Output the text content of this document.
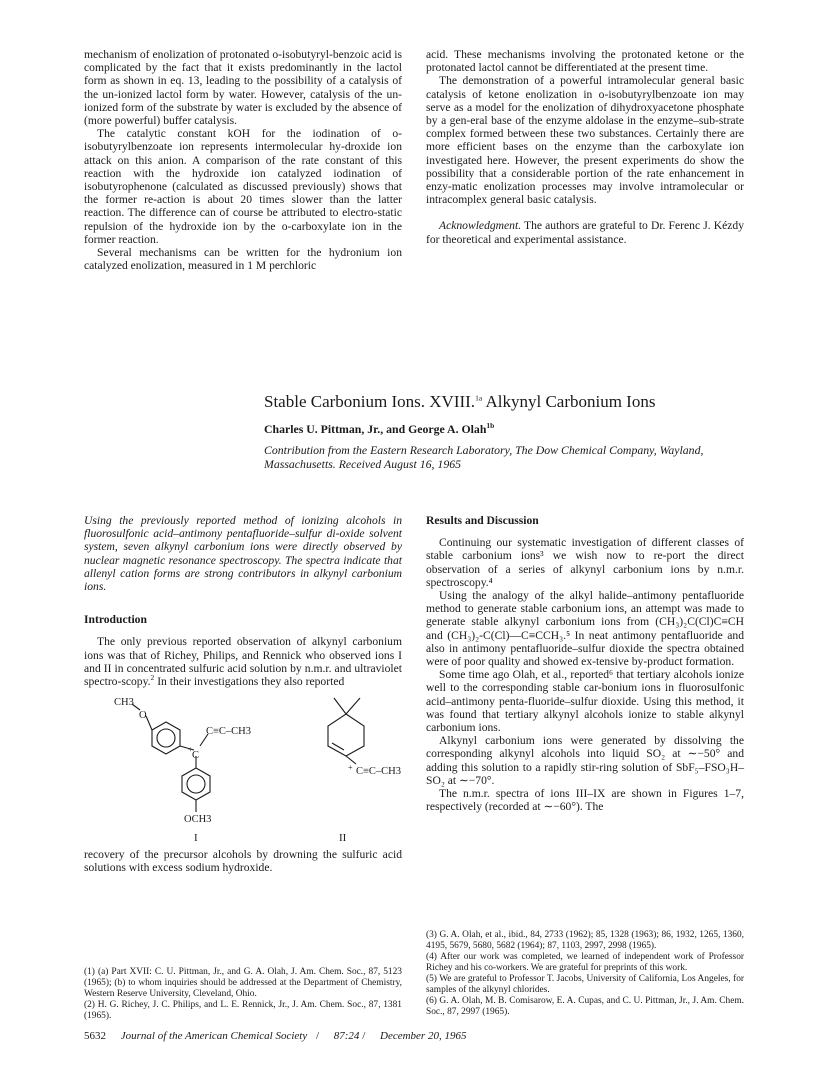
mechanism of enolization of protonated o-isobutyryl-benzoic acid is complicated by the fact that it exists predominantly in the lactol form as shown in eq. 13, leading to the possibility of a catalysis of the un-ionized lactol form by water. However, catalysis of the un-ionized form of the substrate by water is excluded by the absence of (more powerful) buffer catalysis.

The catalytic constant kOH for the iodination of o-isobutyrylbenzoate ion represents intermolecular hy-droxide ion attack on this anion. A comparison of the rate constant of this reaction with the hydroxide ion catalyzed iodination of isobutyrophenone (calculated as discussed previously) shows that the former re-action is about 20 times slower than the latter reaction. The difference can of course be attributed to electro-static repulsion of the hydroxide ion by the o-carboxylate ion in the former reaction.

Several mechanisms can be written for the hydronium ion catalyzed enolization, measured in 1 M perchloric

acid. These mechanisms involving the protonated ketone or the protonated lactol cannot be differentiated at the present time.

The demonstration of a powerful intramolecular general basic catalysis of ketone enolization in o-isobutyrylbenzoate ion may serve as a model for the enolization of dihydroxyacetone phosphate by a gen-eral base of the enzyme aldolase in the enzyme–sub-strate complex formed between these two substances. Certainly there are more efficient bases on the enzyme than the carboxylate ion investigated here. However, the present experiments do show the possibility that a considerable portion of the rate enhancement in enzy-matic enolization processes may involve intramolecular or intracomplex general basic catalysis.

Acknowledgment. The authors are grateful to Dr. Ferenc J. Kézdy for theoretical and experimental assistance.

Stable Carbonium Ions. XVIII.$^{1a}$ Alkynyl Carbonium Ions
Charles U. Pittman, Jr., and George A. Olah$^{1b}$
Contribution from the Eastern Research Laboratory, The Dow Chemical Company, Wayland, Massachusetts. Received August 16, 1965

Using the previously reported method of ionizing alcohols in fluorosulfonic acid–antimony pentafluoride–sulfur di-oxide solvent system, seven alkynyl carbonium ions were directly observed by nuclear magnetic resonance spectroscopy. The spectra indicate that allenyl cation forms are strong contributors in alkynyl carbonium ions.

Introduction

The only previous reported observation of alkynyl carbonium ions was that of Richey, Philips, and Rennick who observed ions I and II in concentrated sulfuric acid solution by n.m.r. and ultraviolet spectro-scopy.$^2$ In their investigations they also reported

CH3
O
+
C
C≡C–CH3
OCH3
+ C≡C–CH3
I	II

recovery of the precursor alcohols by drowning the sulfuric acid solutions with excess sodium hydroxide.

Results and Discussion

Continuing our systematic investigation of different classes of stable carbonium ions³ we wish now to re-port the direct observation of a series of alkynyl carbonium ions by n.m.r. spectroscopy.⁴

Using the analogy of the alkyl halide–antimony pentafluoride method to generate stable carbonium ions, an attempt was made to generate stable alkynyl carbonium ions from (CH₃)₂C(Cl)C≡CH and (CH₃)₂-C(Cl)—C≡CCH₃.⁵ In neat antimony pentafluoride and also in antimony pentafluoride–sulfur dioxide the spectra obtained were of poor quality and showed ex-tensive by-product formation.

Some time ago Olah, et al., reported⁶ that tertiary alcohols ionize well to the corresponding stable car-bonium ions in fluorosulfonic acid–antimony penta-fluoride–sulfur dioxide. Using this method, it was found that tertiary alkynyl alcohols ionize to stable alkynyl carbonium ions.

Alkynyl carbonium ions were generated by dissolving the corresponding alkynyl alcohols into liquid SO₂ at ∼−50° and adding this solution to a rapidly stir-ring solution of SbF₅–FSO₃H–SO₂ at ∼−70°.

The n.m.r. spectra of ions III–IX are shown in Figures 1–7, respectively (recorded at ∼−60°). The

(1) (a) Part XVII: C. U. Pittman, Jr., and G. A. Olah, J. Am. Chem. Soc., 87, 5123 (1965); (b) to whom inquiries should be addressed at the Department of Chemistry, Western Reserve University, Cleveland, Ohio.

(2) H. G. Richey, J. C. Philips, and L. E. Rennick, Jr., J. Am. Chem. Soc., 87, 1381 (1965).

(3) G. A. Olah, et al., ibid., 84, 2733 (1962); 85, 1328 (1963); 86, 1932, 1265, 1360, 4195, 5679, 5680, 5682 (1964); 87, 1103, 2997, 2998 (1965).

(4) After our work was completed, we learned of independent work of Professor Richey and his co-workers. We are grateful for preprints of this work.

(5) We are grateful to Professor T. Jacobs, University of California, Los Angeles, for samples of the alkynyl chlorides.

(6) G. A. Olah, M. B. Comisarow, E. A. Cupas, and C. U. Pittman, Jr., J. Am. Chem. Soc., 87, 2997 (1965).

5632 Journal of the American Chemical Society / 87:24 / December 20, 1965
